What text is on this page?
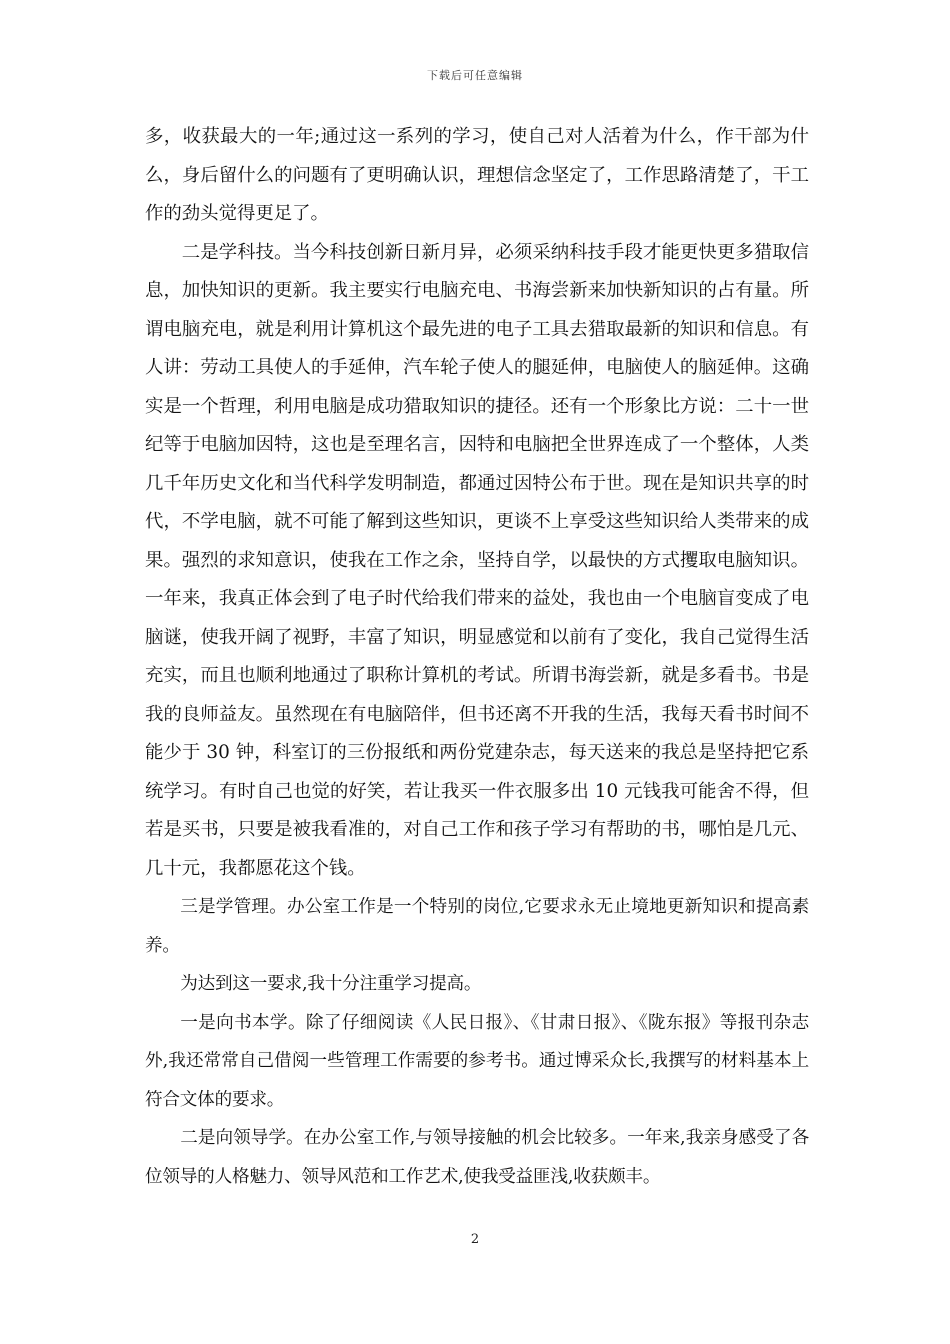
下载后可任意编辑

多，收获最大的一年;通过这一系列的学习，使自己对人活着为什么，作干部为什么，身后留什么的问题有了更明确认识，理想信念坚定了，工作思路清楚了，干工作的劲头觉得更足了。

二是学科技。当今科技创新日新月异，必须采纳科技手段才能更快更多猎取信息，加快知识的更新。我主要实行电脑充电、书海尝新来加快新知识的占有量。所谓电脑充电，就是利用计算机这个最先进的电子工具去猎取最新的知识和信息。有人讲：劳动工具使人的手延伸，汽车轮子使人的腿延伸，电脑使人的脑延伸。这确实是一个哲理，利用电脑是成功猎取知识的捷径。还有一个形象比方说：二十一世纪等于电脑加因特，这也是至理名言，因特和电脑把全世界连成了一个整体，人类几千年历史文化和当代科学发明制造，都通过因特公布于世。现在是知识共享的时代，不学电脑，就不可能了解到这些知识，更谈不上享受这些知识给人类带来的成果。强烈的求知意识，使我在工作之余，坚持自学，以最快的方式攫取电脑知识。一年来，我真正体会到了电子时代给我们带来的益处，我也由一个电脑盲变成了电脑谜，使我开阔了视野，丰富了知识，明显感觉和以前有了变化，我自己觉得生活充实，而且也顺利地通过了职称计算机的考试。所谓书海尝新，就是多看书。书是我的良师益友。虽然现在有电脑陪伴，但书还离不开我的生活，我每天看书时间不能少于 30 钟，科室订的三份报纸和两份党建杂志，每天送来的我总是坚持把它系统学习。有时自己也觉的好笑，若让我买一件衣服多出 10 元钱我可能舍不得，但若是买书，只要是被我看准的，对自己工作和孩子学习有帮助的书，哪怕是几元、几十元，我都愿花这个钱。

三是学管理。办公室工作是一个特别的岗位,它要求永无止境地更新知识和提高素养。

为达到这一要求,我十分注重学习提高。

一是向书本学。除了仔细阅读《人民日报》、《甘肃日报》、《陇东报》等报刊杂志外,我还常常自己借阅一些管理工作需要的参考书。通过博采众长,我撰写的材料基本上符合文体的要求。

二是向领导学。在办公室工作,与领导接触的机会比较多。一年来,我亲身感受了各位领导的人格魅力、领导风范和工作艺术,使我受益匪浅,收获颇丰。

2
